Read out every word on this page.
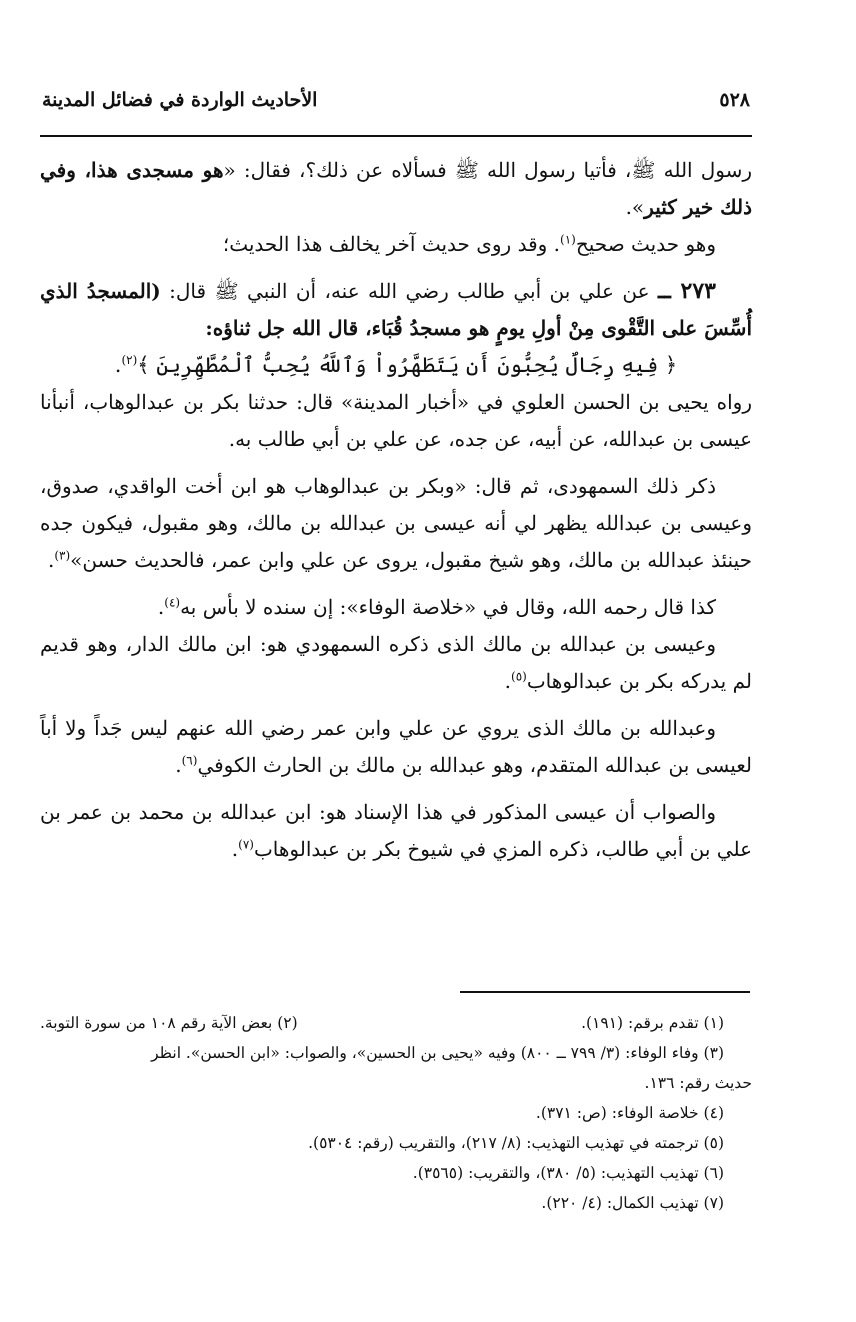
٥٢٨
الأحاديث الواردة في فضائل المدينة

رسول الله ﷺ، فأتيا رسول الله ﷺ فسألاه عن ذلك؟، فقال: «هو مسجدى هذا، وفي ذلك خير كثير».

وهو حديث صحيح$^{(١)}$. وقد روى حديث آخر يخالف هذا الحديث؛

٢٧٣ ــ عن علي بن أبي طالب رضي الله عنه، أن النبي ﷺ قال: (المسجدُ الذي أُسِّسَ على التَّقْوى مِنْ أولِ يومٍ هو مسجدُ قُبَاء، قال الله جل ثناؤه:

﴿ فِيهِ رِجَالٌ يُحِبُّونَ أَن يَتَطَهَّرُواْ وَٱللَّهُ يُحِبُّ ٱلْمُطَّهِّرِينَ ﴾$^{(٢)}$.

رواه يحيى بن الحسن العلوي في «أخبار المدينة» قال: حدثنا بكر بن عبدالوهاب، أنبأنا عيسى بن عبدالله، عن أبيه، عن جده، عن علي بن أبي طالب به.

ذكر ذلك السمهودى، ثم قال: «وبكر بن عبدالوهاب هو ابن أخت الواقدي، صدوق، وعيسى بن عبدالله يظهر لي أنه عيسى بن عبدالله بن مالك، وهو مقبول، فيكون جده حينئذ عبدالله بن مالك، وهو شيخ مقبول، يروى عن علي وابن عمر، فالحديث حسن»$^{(٣)}$.

كذا قال رحمه الله، وقال في «خلاصة الوفاء»: إن سنده لا بأس به$^{(٤)}$.

وعيسى بن عبدالله بن مالك الذى ذكره السمهودي هو: ابن مالك الدار، وهو قديم لم يدركه بكر بن عبدالوهاب$^{(٥)}$.

وعبدالله بن مالك الذى يروي عن علي وابن عمر رضي الله عنهم ليس جَداً ولا أباً لعيسى بن عبدالله المتقدم، وهو عبدالله بن مالك بن الحارث الكوفي$^{(٦)}$.

والصواب أن عيسى المذكور في هذا الإسناد هو: ابن عبدالله بن محمد بن عمر بن علي بن أبي طالب، ذكره المزي في شيوخ بكر بن عبدالوهاب$^{(٧)}$.

(١) تقدم برقم: (١٩١).
(٢) بعض الآية رقم ١٠٨ من سورة التوبة.
(٣) وفاء الوفاء: (٣/ ٧٩٩ ــ ٨٠٠) وفيه «يحيى بن الحسين»، والصواب: «ابن الحسن». انظر
حديث رقم: ١٣٦.
(٤) خلاصة الوفاء: (ص: ٣٧١).
(٥) ترجمته في تهذيب التهذيب: (٨/ ٢١٧)، والتقريب (رقم: ٥٣٠٤).
(٦) تهذيب التهذيب: (٥/ ٣٨٠)، والتقريب: (٣٥٦٥).
(٧) تهذيب الكمال: (٤/ ٢٢٠).
